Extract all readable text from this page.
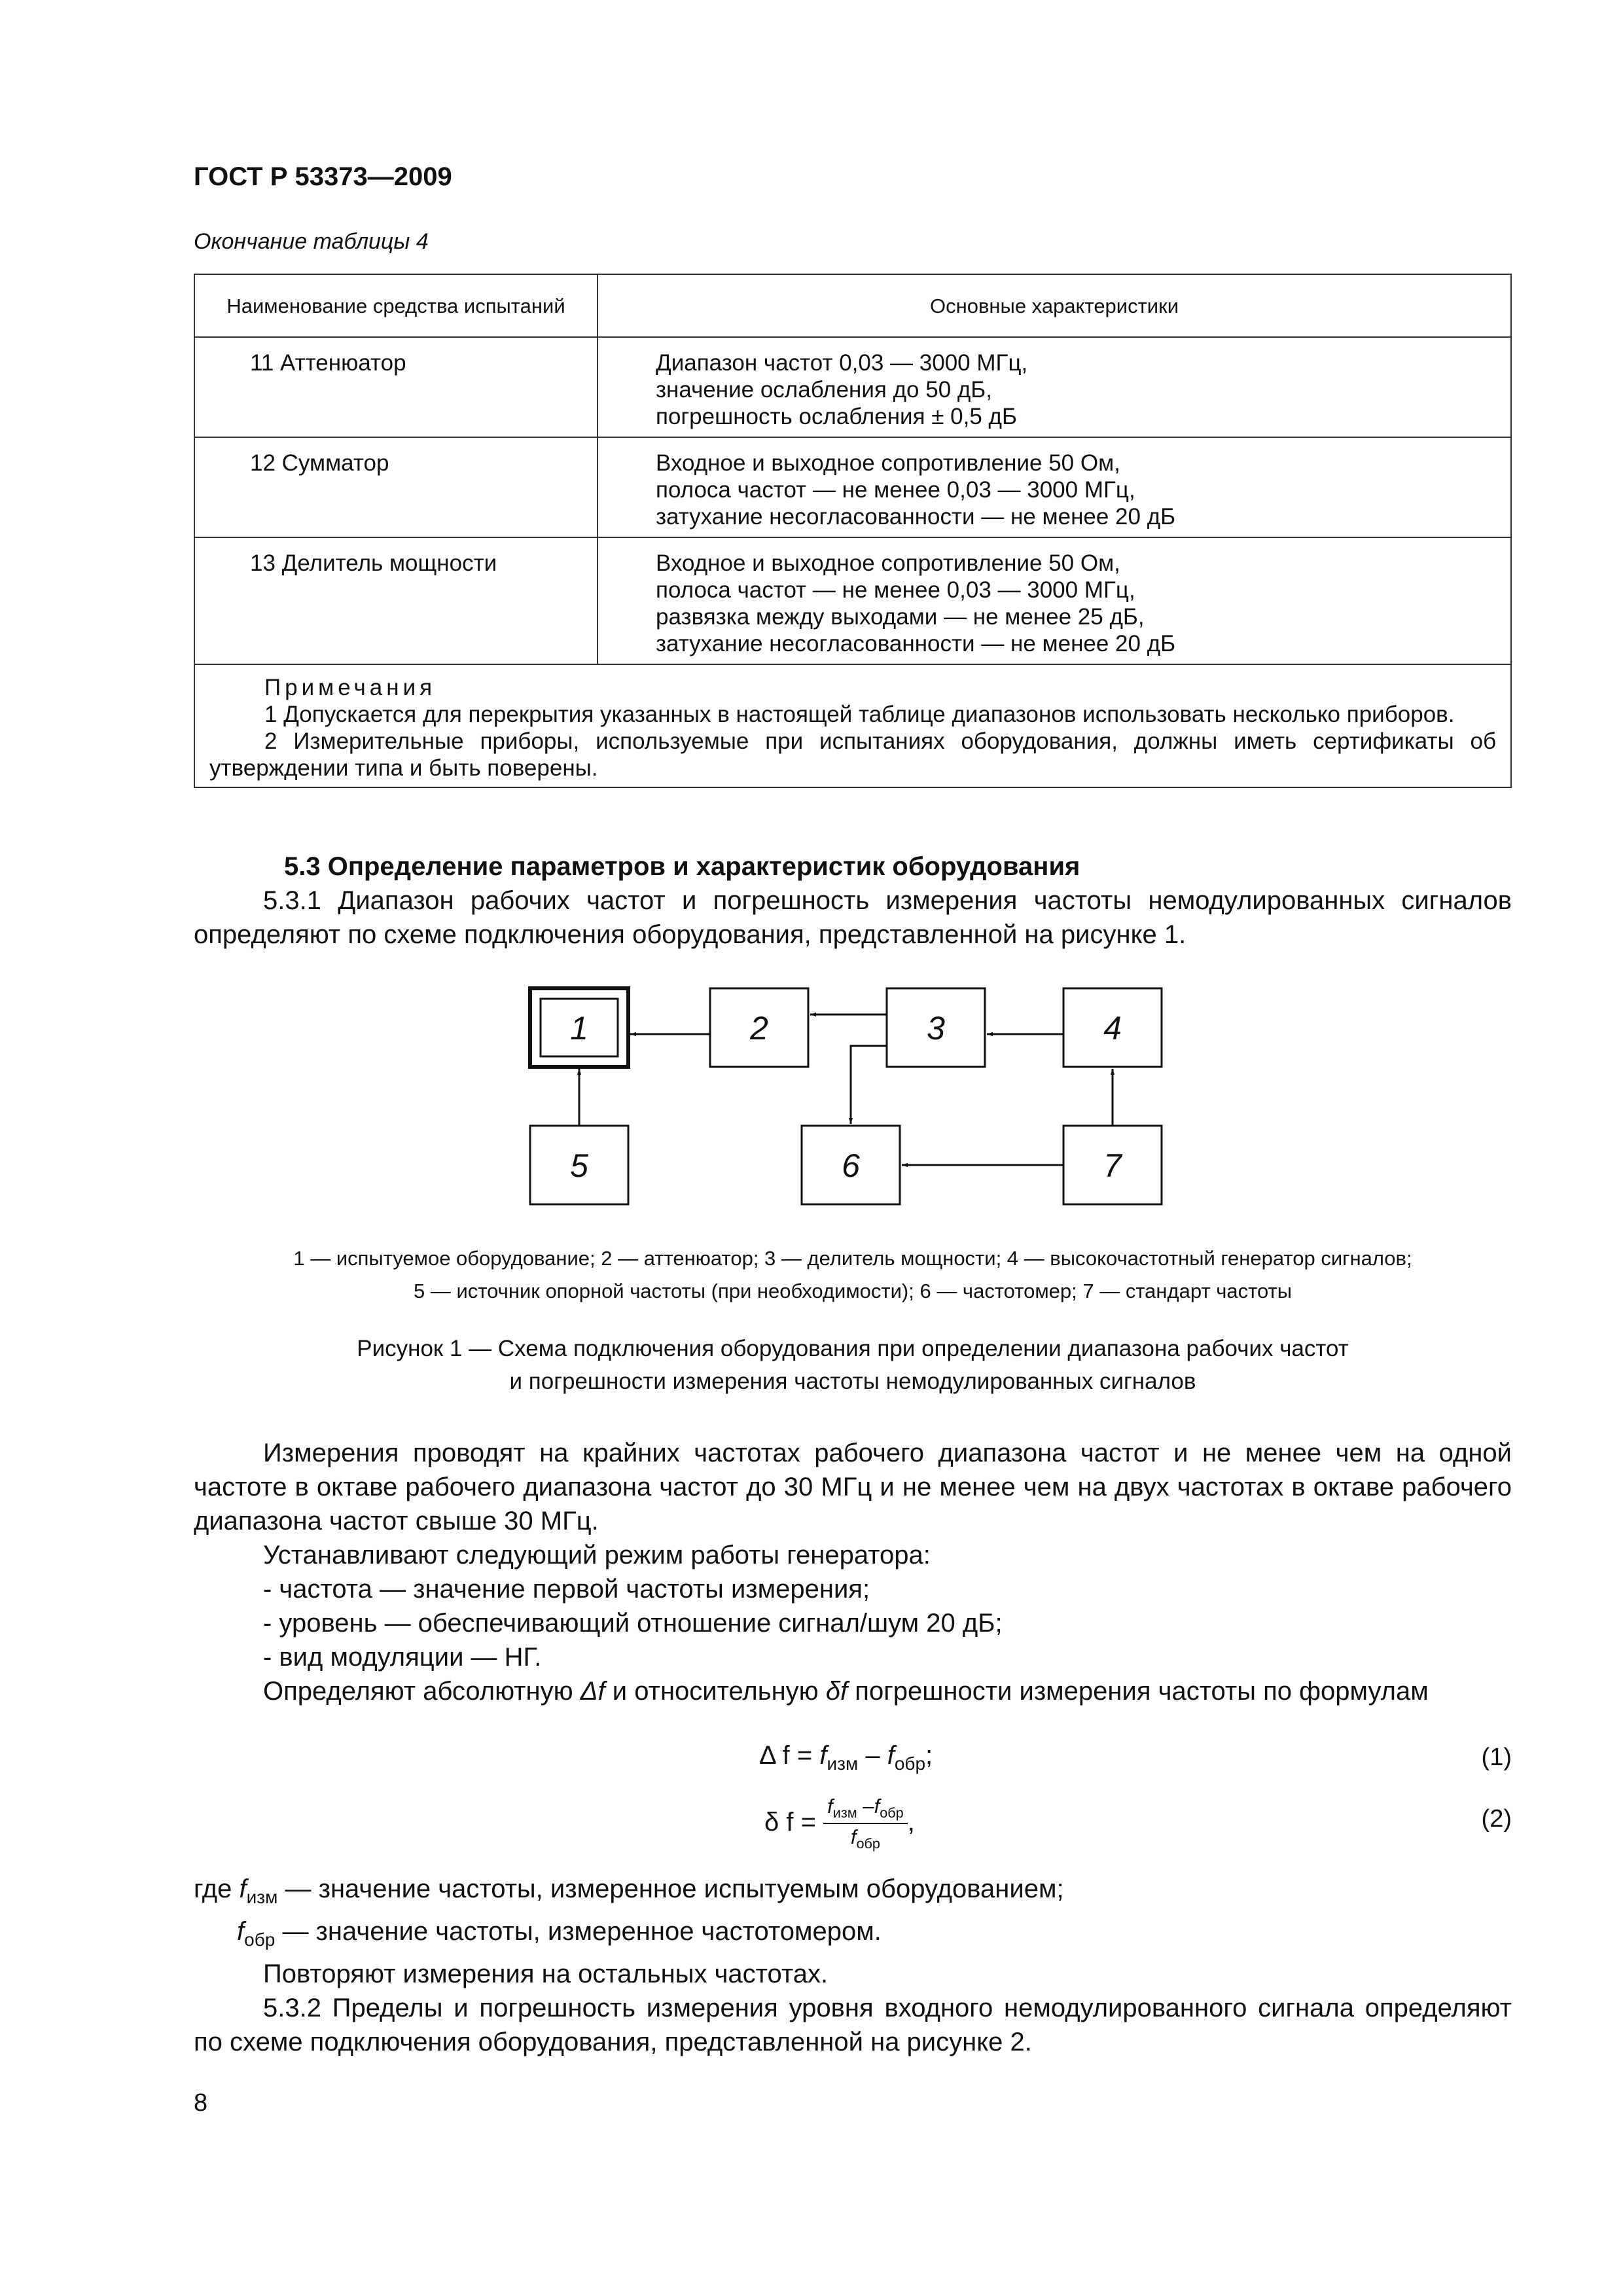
ГОСТ Р 53373—2009
Окончание таблицы 4
Наименование средства испытаний	Основные характеристики
11 Аттенюатор	Диапазон частот 0,03 — 3000 МГц,
значение ослабления до 50 дБ,
погрешность ослабления ± 0,5 дБ

12 Сумматор	Входное и выходное сопротивление 50 Ом,
полоса частот — не менее 0,03 — 3000 МГц,
затухание несогласованности — не менее 20 дБ

13 Делитель мощности	Входное и выходное сопротивление 50 Ом,
полоса частот — не менее 0,03 — 3000 МГц,
развязка между выходами — не менее 25 дБ,
затухание несогласованности — не менее 20 дБ

Примечания
1 Допускается для перекрытия указанных в настоящей таблице диапазонов использовать несколько приборов.
2 Измерительные приборы, используемые при испытаниях оборудования, должны иметь сертификаты об утверждении типа и быть поверены.	
5.3 Определение параметров и характеристик оборудования
5.3.1 Диапазон рабочих частот и погрешность измерения частоты немодулированных сигналов определяют по схеме подключения оборудования, представленной на рисунке 1.
1	2	3	4
5	6	7
1 — испытуемое оборудование; 2 — аттенюатор; 3 — делитель мощности; 4 — высокочастотный генератор сигналов;
5 — источник опорной частоты (при необходимости); 6 — частотомер; 7 — стандарт частоты
Рисунок 1 — Схема подключения оборудования при определении диапазона рабочих частот
и погрешности измерения частоты немодулированных сигналов
Измерения проводят на крайних частотах рабочего диапазона частот и не менее чем на одной частоте в октаве рабочего диапазона частот до 30 МГц и не менее чем на двух частотах в октаве рабочего диапазона частот свыше 30 МГц.
Устанавливают следующий режим работы генератора:
- частота — значение первой частоты измерения;
- уровень — обеспечивающий отношение сигнал/шум 20 дБ;
- вид модуляции — НГ.
Определяют абсолютную Δf и относительную δf погрешности измерения частоты по формулам
Δ $f = f_{изм} - f_{обр}$;	(1)
δ $f = \frac{f_{изм} -f_{обр}}{f_{обр}}$ ,	(2)
где $f_{изм}$ — значение частоты, измеренное испытуемым оборудованием;
$f_{обр}$ — значение частоты, измеренное частотомером.
Повторяют измерения на остальных частотах.
5.3.2 Пределы и погрешность измерения уровня входного немодулированного сигнала определяют по схеме подключения оборудования, представленной на рисунке 2.
8
